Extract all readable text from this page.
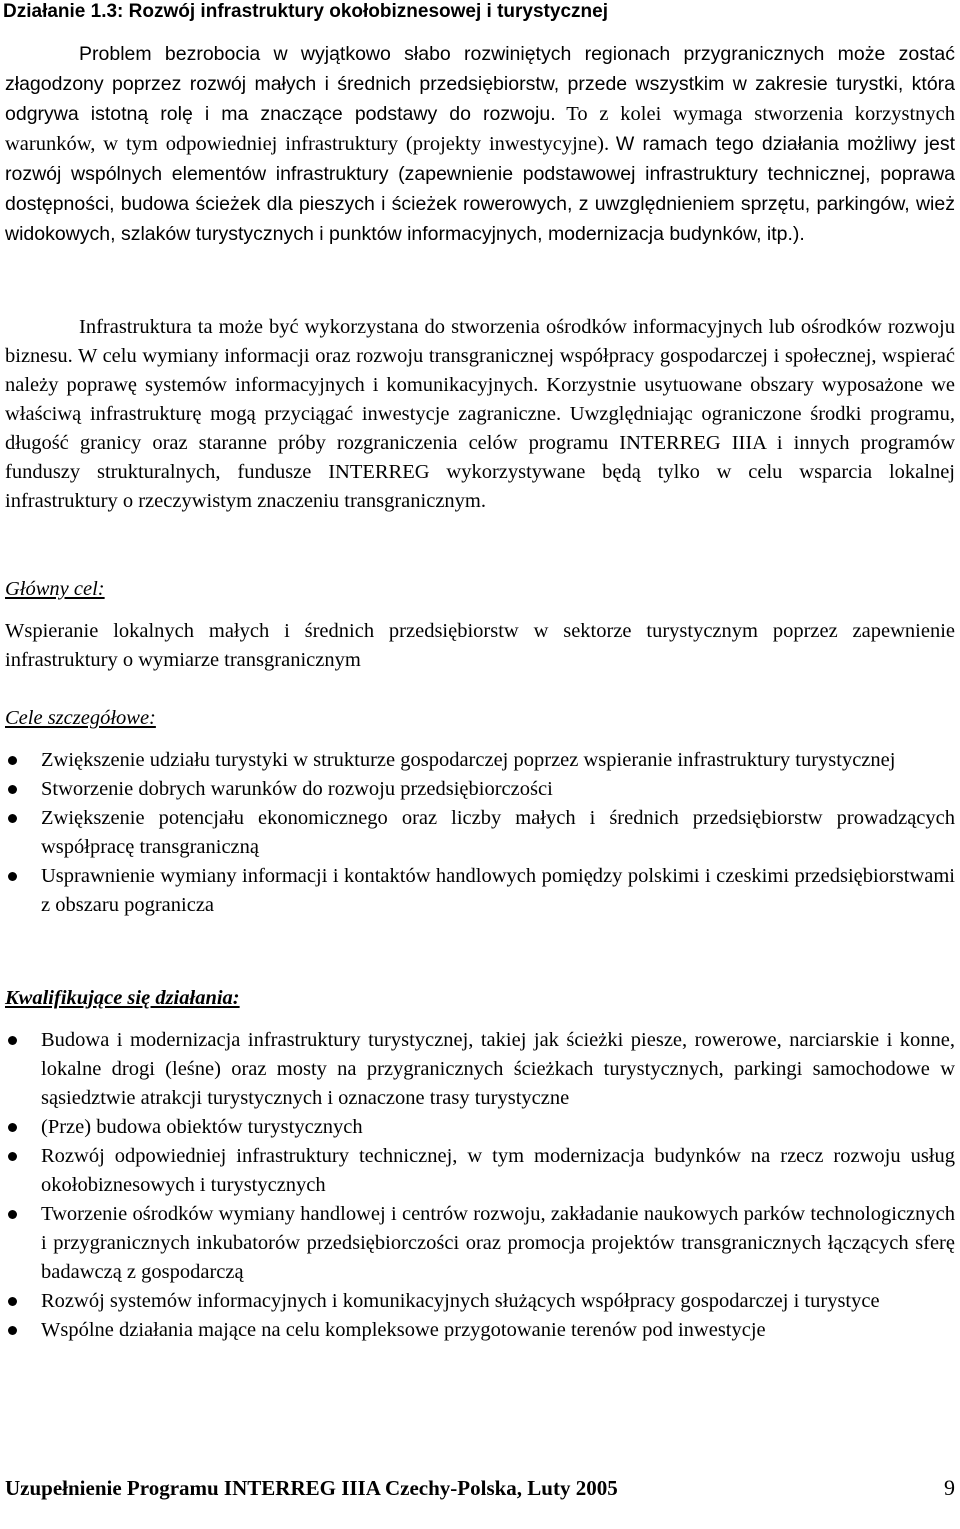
Działanie 1.3: Rozwój infrastruktury okołobiznesowej i turystycznej

Problem bezrobocia w wyjątkowo słabo rozwiniętych regionach przygranicznych może zostać złagodzony poprzez rozwój małych i średnich przedsiębiorstw, przede wszystkim w zakresie turystki, która odgrywa istotną rolę i ma znaczące podstawy do rozwoju. To z kolei wymaga stworzenia korzystnych warunków, w tym odpowiedniej infrastruktury (projekty inwestycyjne). W ramach tego działania możliwy jest rozwój wspólnych elementów infrastruktury (zapewnienie podstawowej infrastruktury technicznej, poprawa dostępności, budowa ścieżek dla pieszych i ścieżek rowerowych, z uwzględnieniem sprzętu, parkingów, wież widokowych, szlaków turystycznych i punktów informacyjnych, modernizacja budynków, itp.).

Infrastruktura ta może być wykorzystana do stworzenia ośrodków informacyjnych lub ośrodków rozwoju biznesu. W celu wymiany informacji oraz rozwoju transgranicznej współpracy gospodarczej i społecznej, wspierać należy poprawę systemów informacyjnych i komunikacyjnych. Korzystnie usytuowane obszary wyposażone we właściwą infrastrukturę mogą przyciągać inwestycje zagraniczne. Uwzględniając ograniczone środki programu, długość granicy oraz staranne próby rozgraniczenia celów programu INTERREG IIIA i innych programów funduszy strukturalnych, fundusze INTERREG wykorzystywane będą tylko w celu wsparcia lokalnej infrastruktury o rzeczywistym znaczeniu transgranicznym.

Główny cel:

Wspieranie lokalnych małych i średnich przedsiębiorstw w sektorze turystycznym poprzez zapewnienie infrastruktury o wymiarze transgranicznym

Cele szczegółowe:
Zwiększenie udziału turystyki w strukturze gospodarczej poprzez wspieranie infrastruktury turystycznej
Stworzenie dobrych warunków do rozwoju przedsiębiorczości
Zwiększenie potencjału ekonomicznego oraz liczby małych i średnich przedsiębiorstw prowadzących współpracę transgraniczną
Usprawnienie wymiany informacji i kontaktów handlowych pomiędzy polskimi i czeskimi przedsiębiorstwami z obszaru pogranicza
Kwalifikujące się działania:
Budowa i modernizacja infrastruktury turystycznej, takiej jak ścieżki piesze, rowerowe, narciarskie i konne, lokalne drogi (leśne) oraz mosty na przygranicznych ścieżkach turystycznych, parkingi samochodowe w sąsiedztwie atrakcji turystycznych i oznaczone trasy turystyczne
(Prze) budowa obiektów turystycznych
Rozwój odpowiedniej infrastruktury technicznej, w tym modernizacja budynków na rzecz rozwoju usług okołobiznesowych i turystycznych
Tworzenie ośrodków wymiany handlowej i centrów rozwoju, zakładanie naukowych parków technologicznych i przygranicznych inkubatorów przedsiębiorczości oraz promocja projektów transgranicznych łączących sferę badawczą z gospodarczą
Rozwój systemów informacyjnych i komunikacyjnych służących współpracy gospodarczej i turystyce
Wspólne działania mające na celu kompleksowe przygotowanie terenów pod inwestycje
Uzupełnienie Programu INTERREG IIIA Czechy-Polska, Luty 2005	9
